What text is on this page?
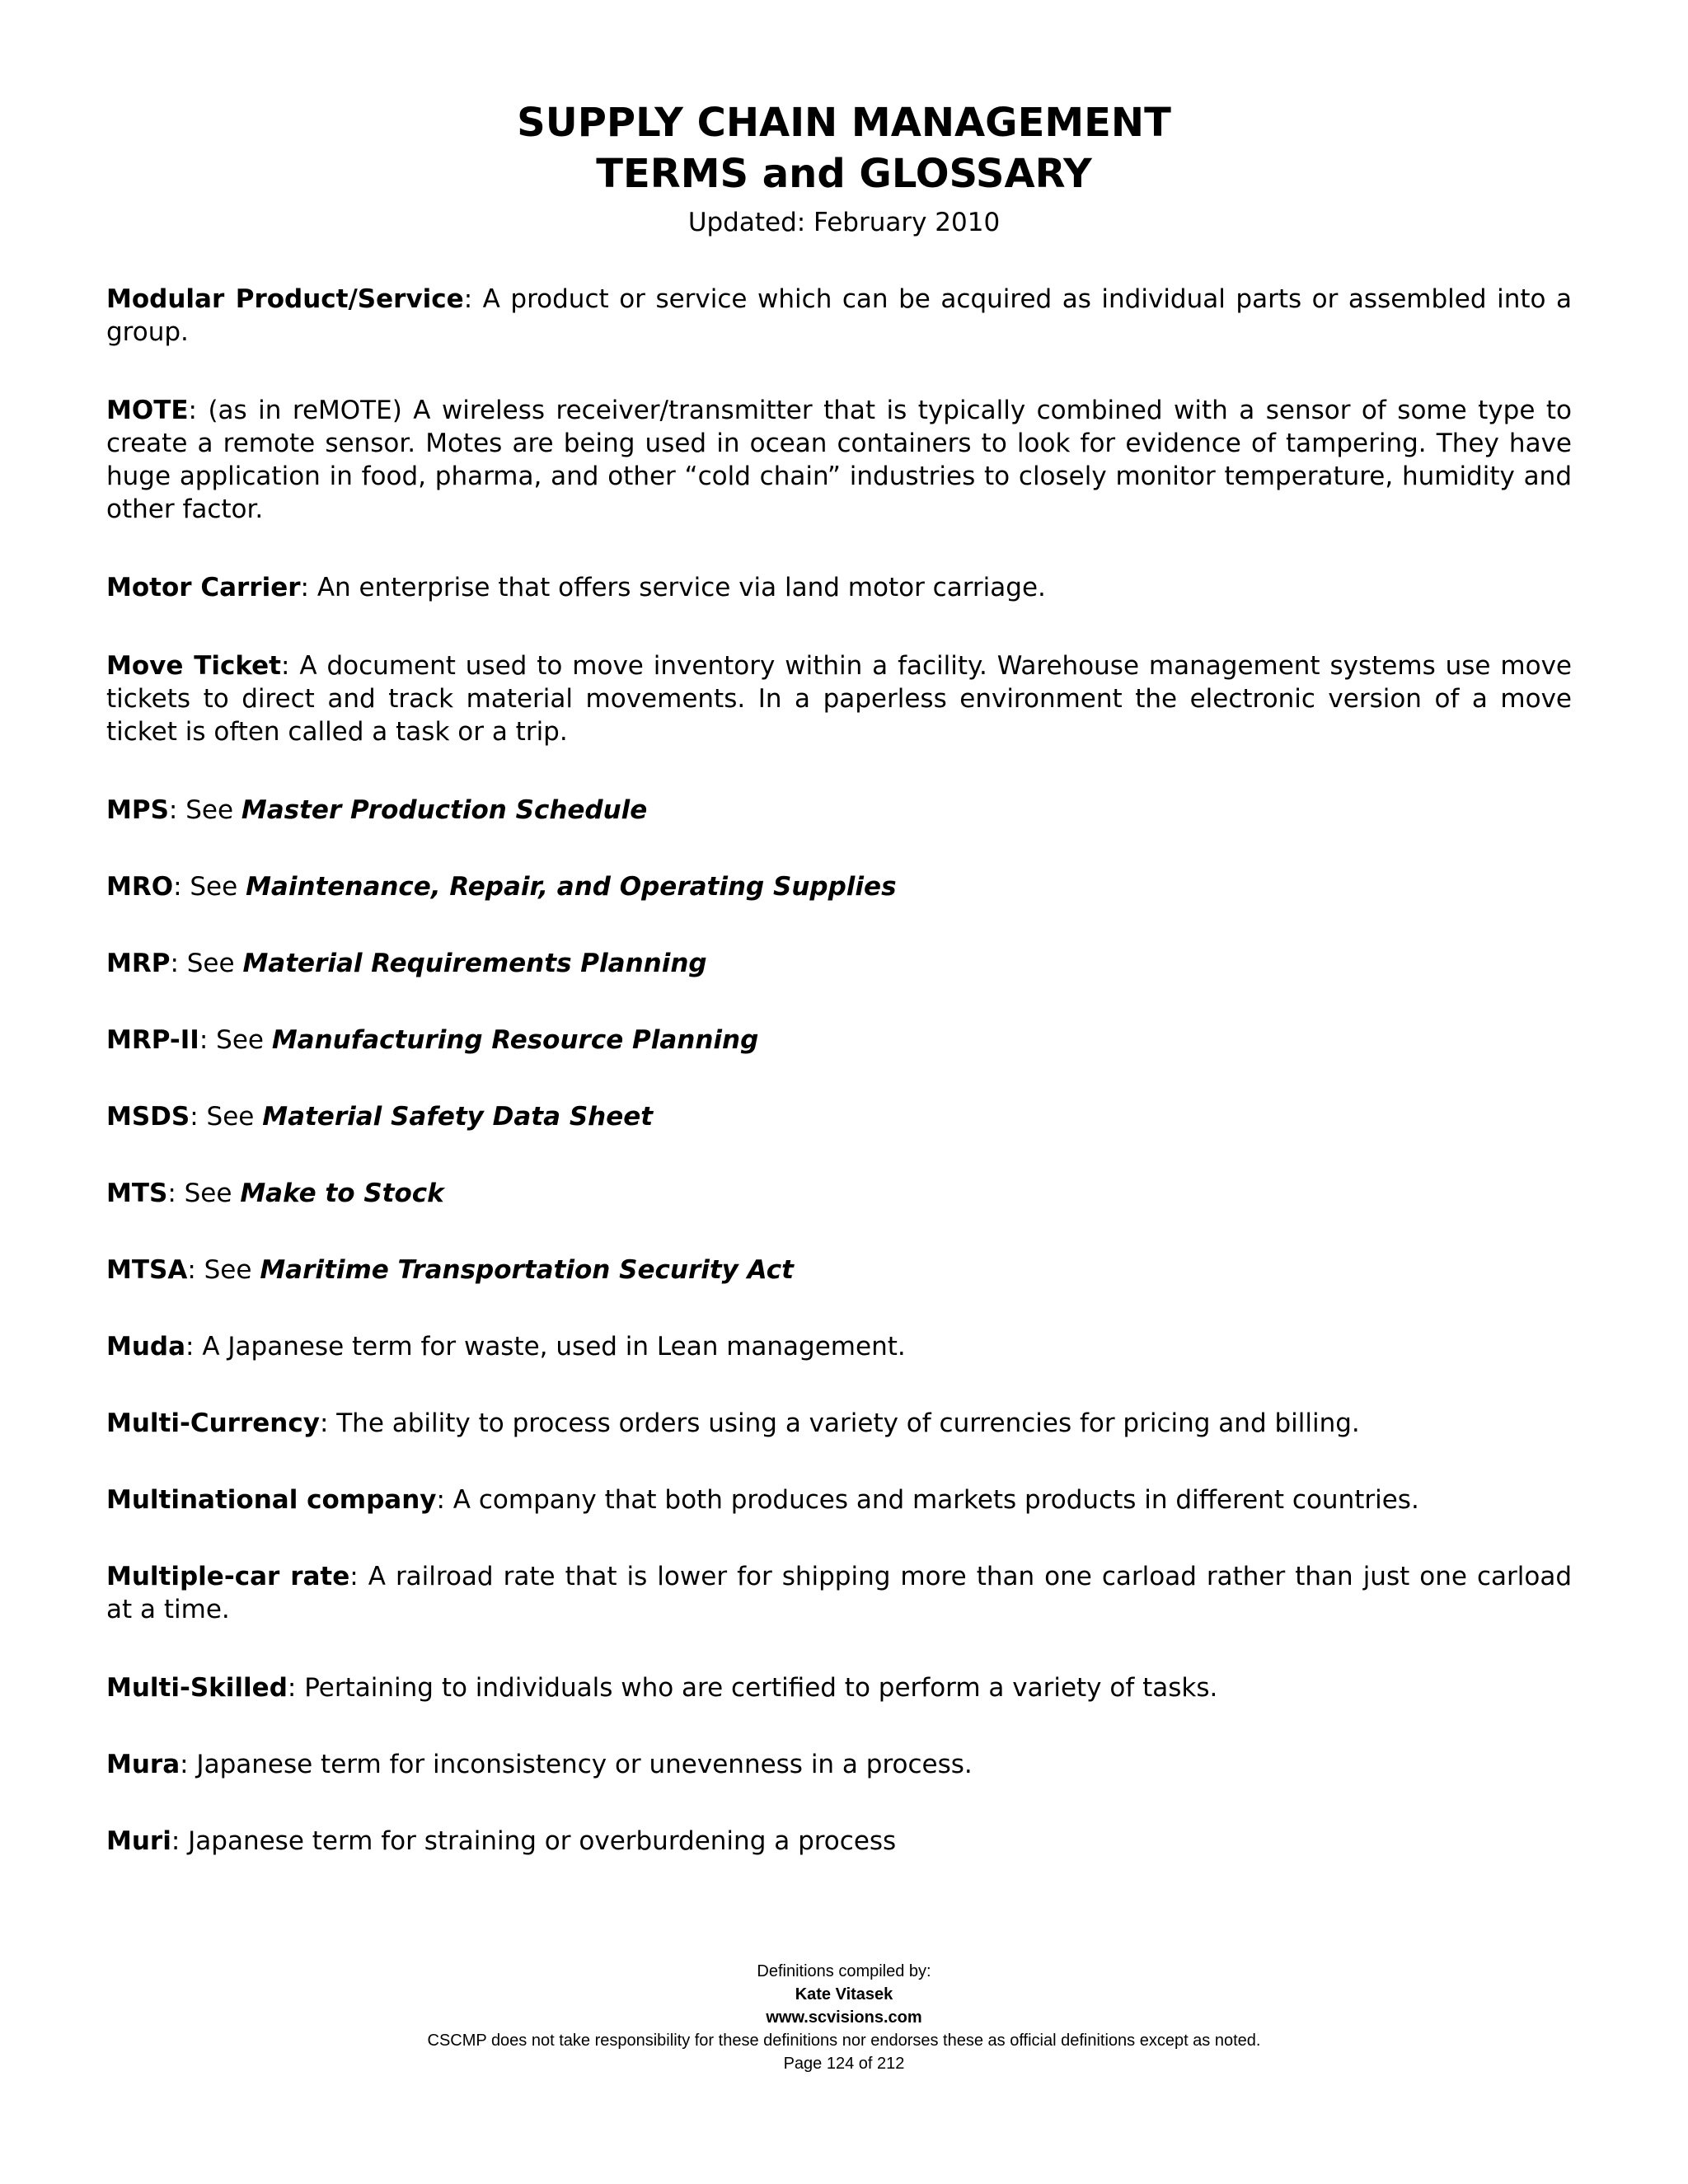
SUPPLY CHAIN MANAGEMENT
TERMS and GLOSSARY
Updated: February 2010

Modular Product/Service: A product or service which can be acquired as individual parts or assembled into a group.

MOTE: (as in reMOTE) A wireless receiver/transmitter that is typically combined with a sensor of some type to create a remote sensor. Motes are being used in ocean containers to look for evidence of tampering. They have huge application in food, pharma, and other “cold chain” industries to closely monitor temperature, humidity and other factor.

Motor Carrier: An enterprise that offers service via land motor carriage.

Move Ticket: A document used to move inventory within a facility. Warehouse management systems use move tickets to direct and track material movements. In a paperless environment the electronic version of a move ticket is often called a task or a trip.

MPS: See Master Production Schedule

MRO: See Maintenance, Repair, and Operating Supplies

MRP: See Material Requirements Planning

MRP-II: See Manufacturing Resource Planning

MSDS: See Material Safety Data Sheet

MTS: See Make to Stock

MTSA: See Maritime Transportation Security Act

Muda: A Japanese term for waste, used in Lean management.

Multi-Currency: The ability to process orders using a variety of currencies for pricing and billing.

Multinational company: A company that both produces and markets products in different countries.

Multiple-car rate: A railroad rate that is lower for shipping more than one carload rather than just one carload at a time.

Multi-Skilled: Pertaining to individuals who are certified to perform a variety of tasks.

Mura: Japanese term for inconsistency or unevenness in a process.

Muri: Japanese term for straining or overburdening a process

Definitions compiled by:
Kate Vitasek
www.scvisions.com
CSCMP does not take responsibility for these definitions nor endorses these as official definitions except as noted.
Page 124 of 212
